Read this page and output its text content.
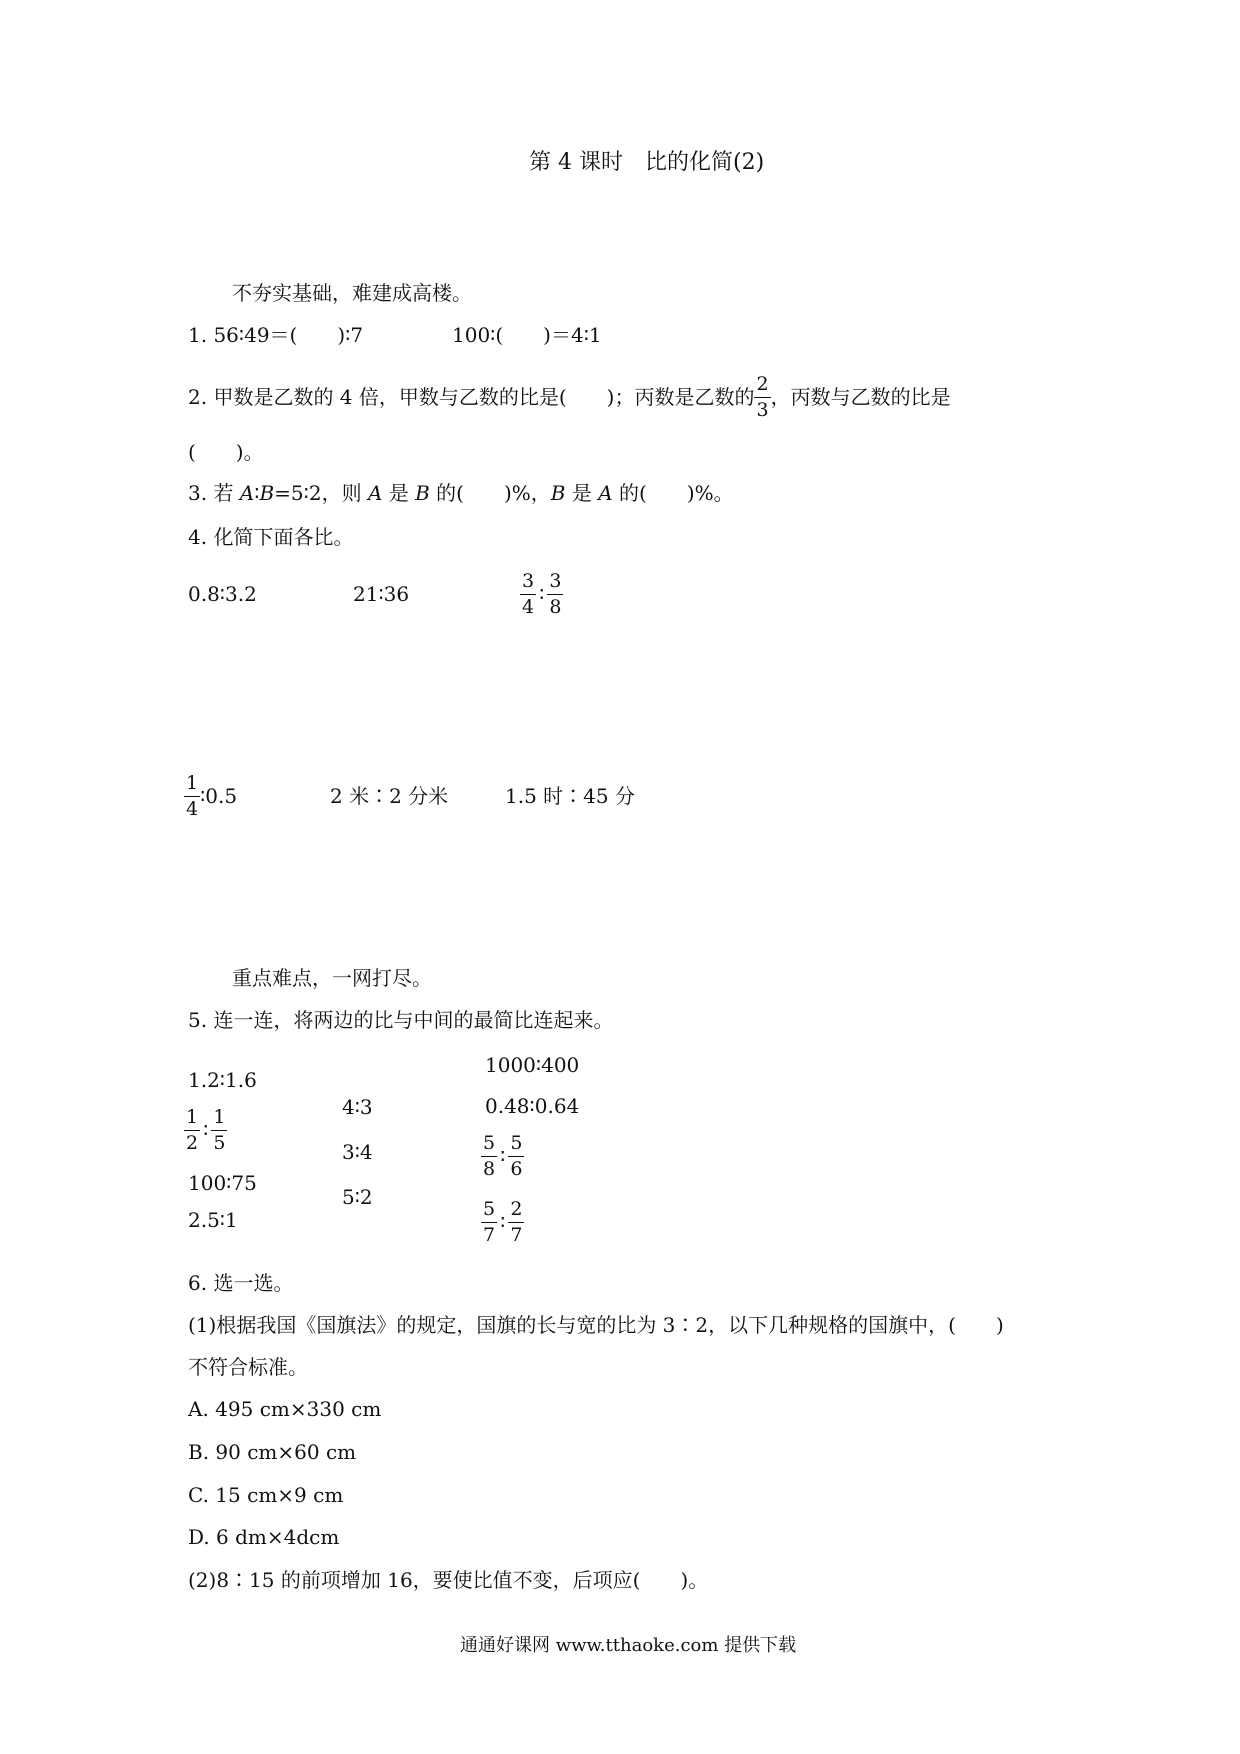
第 4 课时　比的化简(2)
不夯实基础，难建成高楼。
1. 56∶49＝(　　)∶7	100∶(　　)＝4∶1
2. 甲数是乙数的 4 倍，甲数与乙数的比是(　　)；丙数是乙数的 $\frac{2}{3}$ ，丙数与乙数的比是
(　　)。
3. 若 A∶B=5∶2，则 A 是 B 的(　　)%，B 是 A 的(　　)%。
4. 化简下面各比。
0.8∶3.2	21∶36	$\frac{3}{4}$ ∶ $\frac{3}{8}$
$\frac{1}{4}$ ∶0.5	2 米∶2 分米	1.5 时∶45 分
重点难点，一网打尽。
5. 连一连，将两边的比与中间的最简比连起来。
1.2∶1.6
$\frac{1}{2}$ ∶ $\frac{1}{5}$
100∶75
2.5∶1
4∶3
3∶4
5∶2
1000∶400
0.48∶0.64
$\frac{5}{8}$ ∶ $\frac{5}{6}$
$\frac{5}{7}$ ∶ $\frac{2}{7}$
6. 选一选。
(1)根据我国《国旗法》的规定，国旗的长与宽的比为 3∶2，以下几种规格的国旗中，(　　)
不符合标准。
A. 495 cm×330 cm
B. 90 cm×60 cm
C. 15 cm×9 cm
D. 6 dm×4dcm
(2)8∶15 的前项增加 16，要使比值不变，后项应(　　)。
通通好课网 www.tthaoke.com 提供下载
